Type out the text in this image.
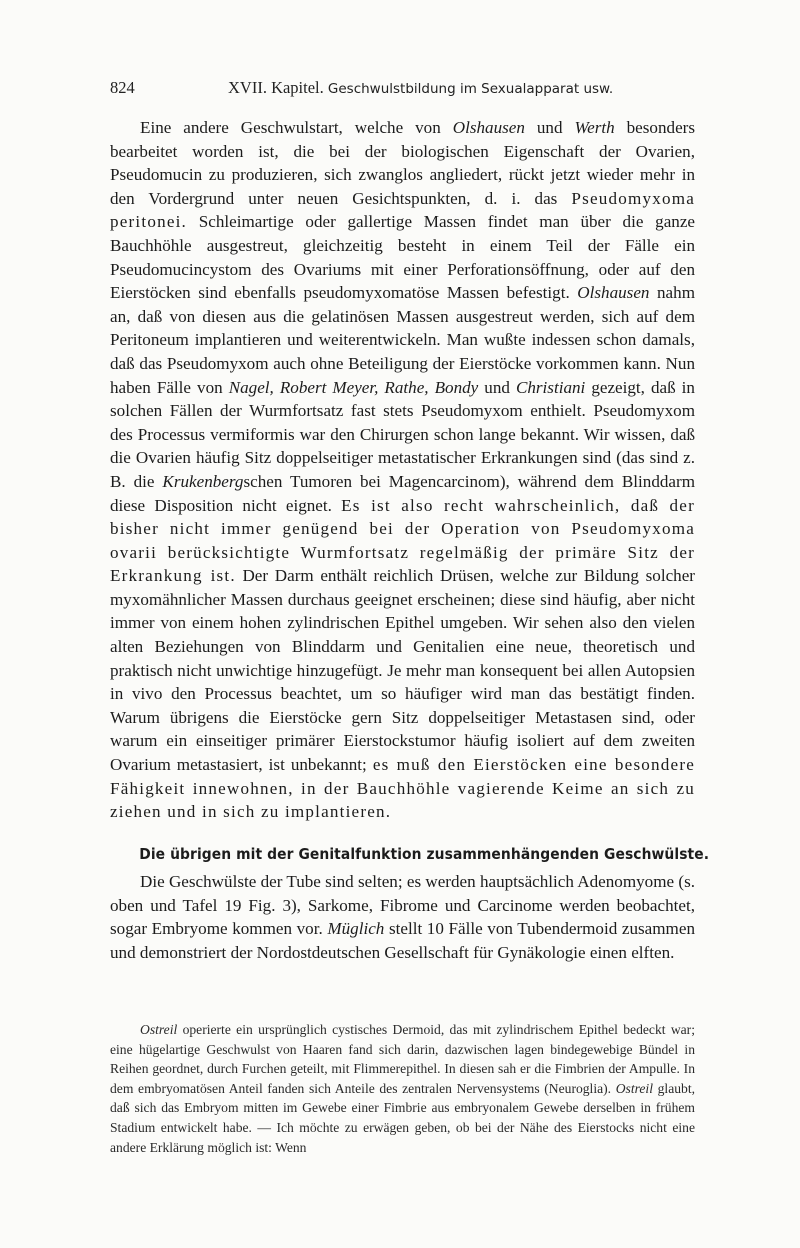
824	XVII. Kapitel. Geschwulstbildung im Sexualapparat usw.

Eine andere Geschwulstart, welche von Olshausen und Werth besonders bearbeitet worden ist, die bei der biologischen Eigenschaft der Ovarien, Pseudomucin zu produzieren, sich zwanglos angliedert, rückt jetzt wieder mehr in den Vordergrund unter neuen Gesichtspunkten, d. i. das Pseudomyxoma peritonei. Schleimartige oder gallertige Massen findet man über die ganze Bauchhöhle ausgestreut, gleichzeitig besteht in einem Teil der Fälle ein Pseudomucincystom des Ovariums mit einer Perforationsöffnung, oder auf den Eierstöcken sind ebenfalls pseudomyxomatöse Massen befestigt. Olshausen nahm an, daß von diesen aus die gelatinösen Massen ausgestreut werden, sich auf dem Peritoneum implantieren und weiterentwickeln. Man wußte indessen schon damals, daß das Pseudomyxom auch ohne Beteiligung der Eierstöcke vorkommen kann. Nun haben Fälle von Nagel, Robert Meyer, Rathe, Bondy und Christiani gezeigt, daß in solchen Fällen der Wurmfortsatz fast stets Pseudomyxom enthielt. Pseudomyxom des Processus vermiformis war den Chirurgen schon lange bekannt. Wir wissen, daß die Ovarien häufig Sitz doppelseitiger metastatischer Erkrankungen sind (das sind z. B. die Krukenbergschen Tumoren bei Magencarcinom), während dem Blinddarm diese Disposition nicht eignet. Es ist also recht wahrscheinlich, daß der bisher nicht immer genügend bei der Operation von Pseudomyxoma ovarii berücksichtigte Wurmfortsatz regelmäßig der primäre Sitz der Erkrankung ist. Der Darm enthält reichlich Drüsen, welche zur Bildung solcher myxomähnlicher Massen durchaus geeignet erscheinen; diese sind häufig, aber nicht immer von einem hohen zylindrischen Epithel umgeben. Wir sehen also den vielen alten Beziehungen von Blinddarm und Genitalien eine neue, theoretisch und praktisch nicht unwichtige hinzugefügt. Je mehr man konsequent bei allen Autopsien in vivo den Processus beachtet, um so häufiger wird man das bestätigt finden. Warum übrigens die Eierstöcke gern Sitz doppelseitiger Metastasen sind, oder warum ein einseitiger primärer Eierstockstumor häufig isoliert auf dem zweiten Ovarium metastasiert, ist unbekannt; es muß den Eierstöcken eine besondere Fähigkeit innewohnen, in der Bauchhöhle vagierende Keime an sich zu ziehen und in sich zu implantieren.

Die übrigen mit der Genitalfunktion zusammenhängenden Geschwülste.

Die Geschwülste der Tube sind selten; es werden hauptsächlich Adenomyome (s. oben und Tafel 19 Fig. 3), Sarkome, Fibrome und Carcinome werden beobachtet, sogar Embryome kommen vor. Müglich stellt 10 Fälle von Tubendermoid zusammen und demonstriert der Nordostdeutschen Gesellschaft für Gynäkologie einen elften.

Ostreil operierte ein ursprünglich cystisches Dermoid, das mit zylindrischem Epithel bedeckt war; eine hügelartige Geschwulst von Haaren fand sich darin, dazwischen lagen bindegewebige Bündel in Reihen geordnet, durch Furchen geteilt, mit Flimmerepithel. In diesen sah er die Fimbrien der Ampulle. In dem embryomatösen Anteil fanden sich Anteile des zentralen Nervensystems (Neuroglia). Ostreil glaubt, daß sich das Embryom mitten im Gewebe einer Fimbrie aus embryonalem Gewebe derselben in frühem Stadium entwickelt habe. — Ich möchte zu erwägen geben, ob bei der Nähe des Eierstocks nicht eine andere Erklärung möglich ist: Wenn
